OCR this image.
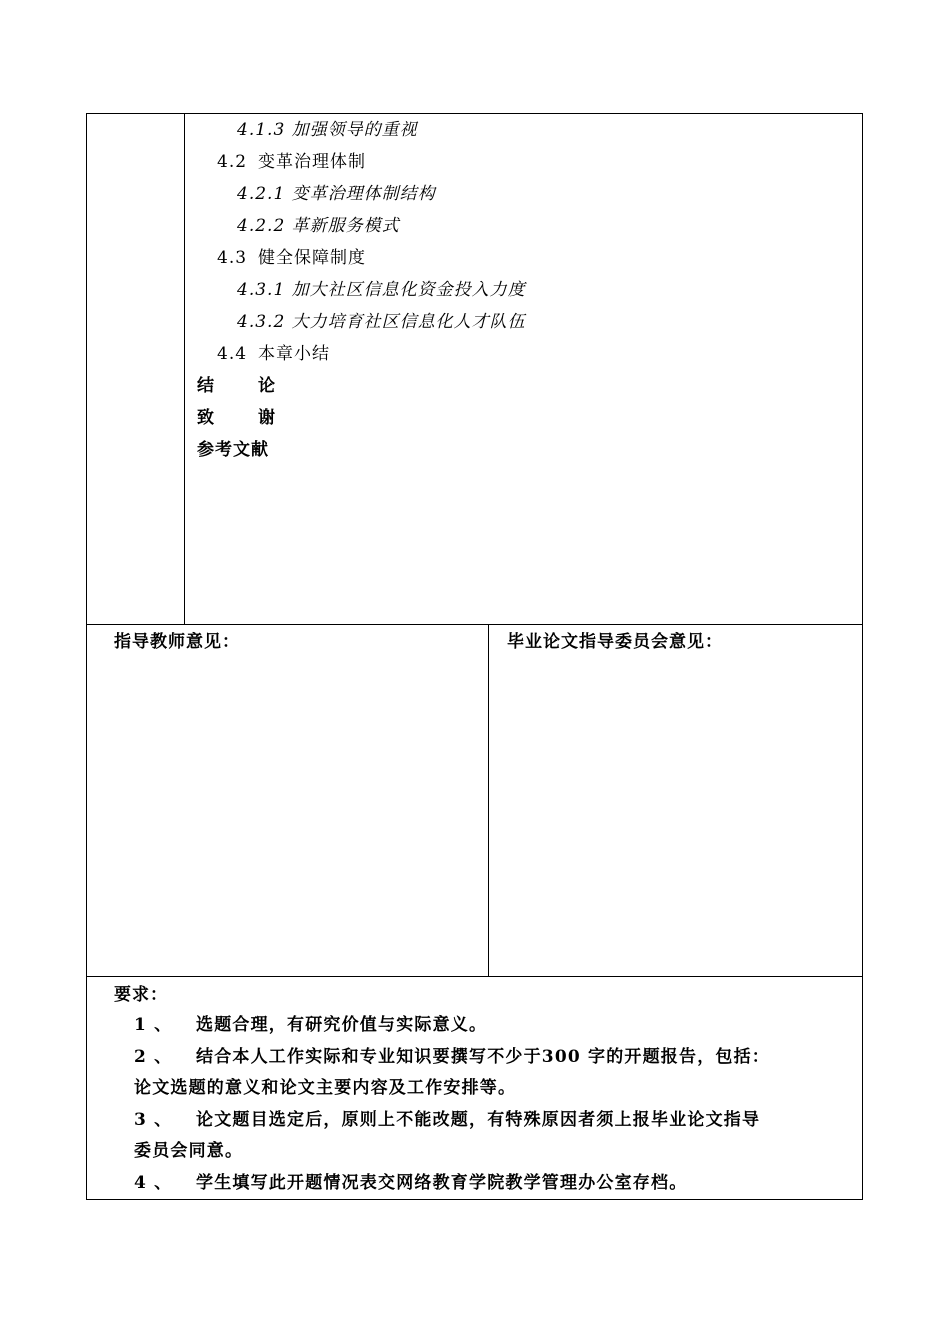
4.1.3 加强领导的重视
4.2 变革治理体制
4.2.1 变革治理体制结构
4.2.2 革新服务模式
4.3 健全保障制度
4.3.1 加大社区信息化资金投入力度
4.3.2 大力培育社区信息化人才队伍
4.4 本章小结
结	论
致	谢
参考文献
指导教师意见：	毕业论文指导委员会意见：
要求：
1 、 选题合理，有研究价值与实际意义。
2 、 结合本人工作实际和专业知识要撰写不少于300 字的开题报告，包括：
论文选题的意义和论文主要内容及工作安排等。
3 、 论文题目选定后，原则上不能改题，有特殊原因者须上报毕业论文指导
委员会同意。
4 、 学生填写此开题情况表交网络教育学院教学管理办公室存档。
